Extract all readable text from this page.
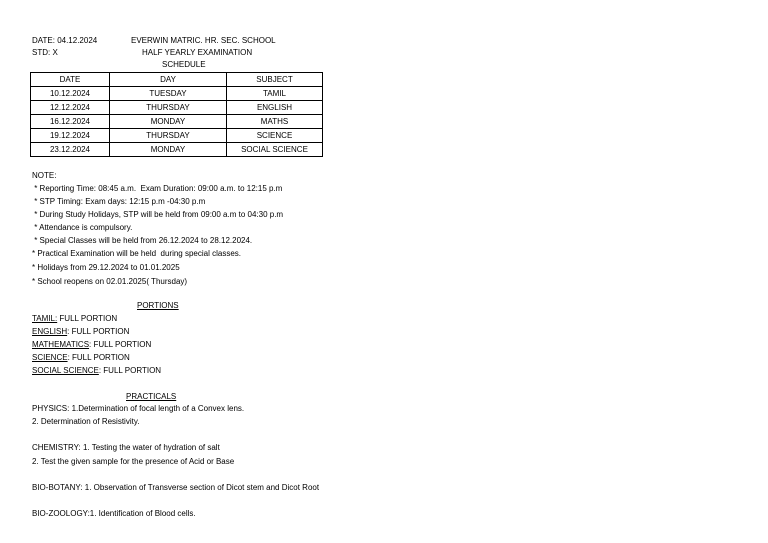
DATE: 04.12.2024	EVERWIN MATRIC. HR. SEC. SCHOOL
STD: X	HALF YEARLY EXAMINATION
SCHEDULE
DATE	DAY	SUBJECT
10.12.2024	TUESDAY	TAMIL
12.12.2024	THURSDAY	ENGLISH
16.12.2024	MONDAY	MATHS
19.12.2024	THURSDAY	SCIENCE
23.12.2024	MONDAY	SOCIAL SCIENCE
NOTE:
* Reporting Time: 08:45 a.m.  Exam Duration: 09:00 a.m. to 12:15 p.m
* STP Timing: Exam days: 12:15 p.m -04:30 p.m
* During Study Holidays, STP will be held from 09:00 a.m to 04:30 p.m
* Attendance is compulsory.
* Special Classes will be held from 26.12.2024 to 28.12.2024.
* Practical Examination will be held  during special classes.
* Holidays from 29.12.2024 to 01.01.2025
* School reopens on 02.01.2025( Thursday)
PORTIONS
TAMIL: FULL PORTION
ENGLISH: FULL PORTION
MATHEMATICS: FULL PORTION
SCIENCE: FULL PORTION
SOCIAL SCIENCE: FULL PORTION
PRACTICALS
PHYSICS: 1.Determination of focal length of a Convex lens.
2. Determination of Resistivity.
CHEMISTRY: 1. Testing the water of hydration of salt
2. Test the given sample for the presence of Acid or Base
BIO-BOTANY: 1. Observation of Transverse section of Dicot stem and Dicot Root
BIO-ZOOLOGY:1. Identification of Blood cells.
